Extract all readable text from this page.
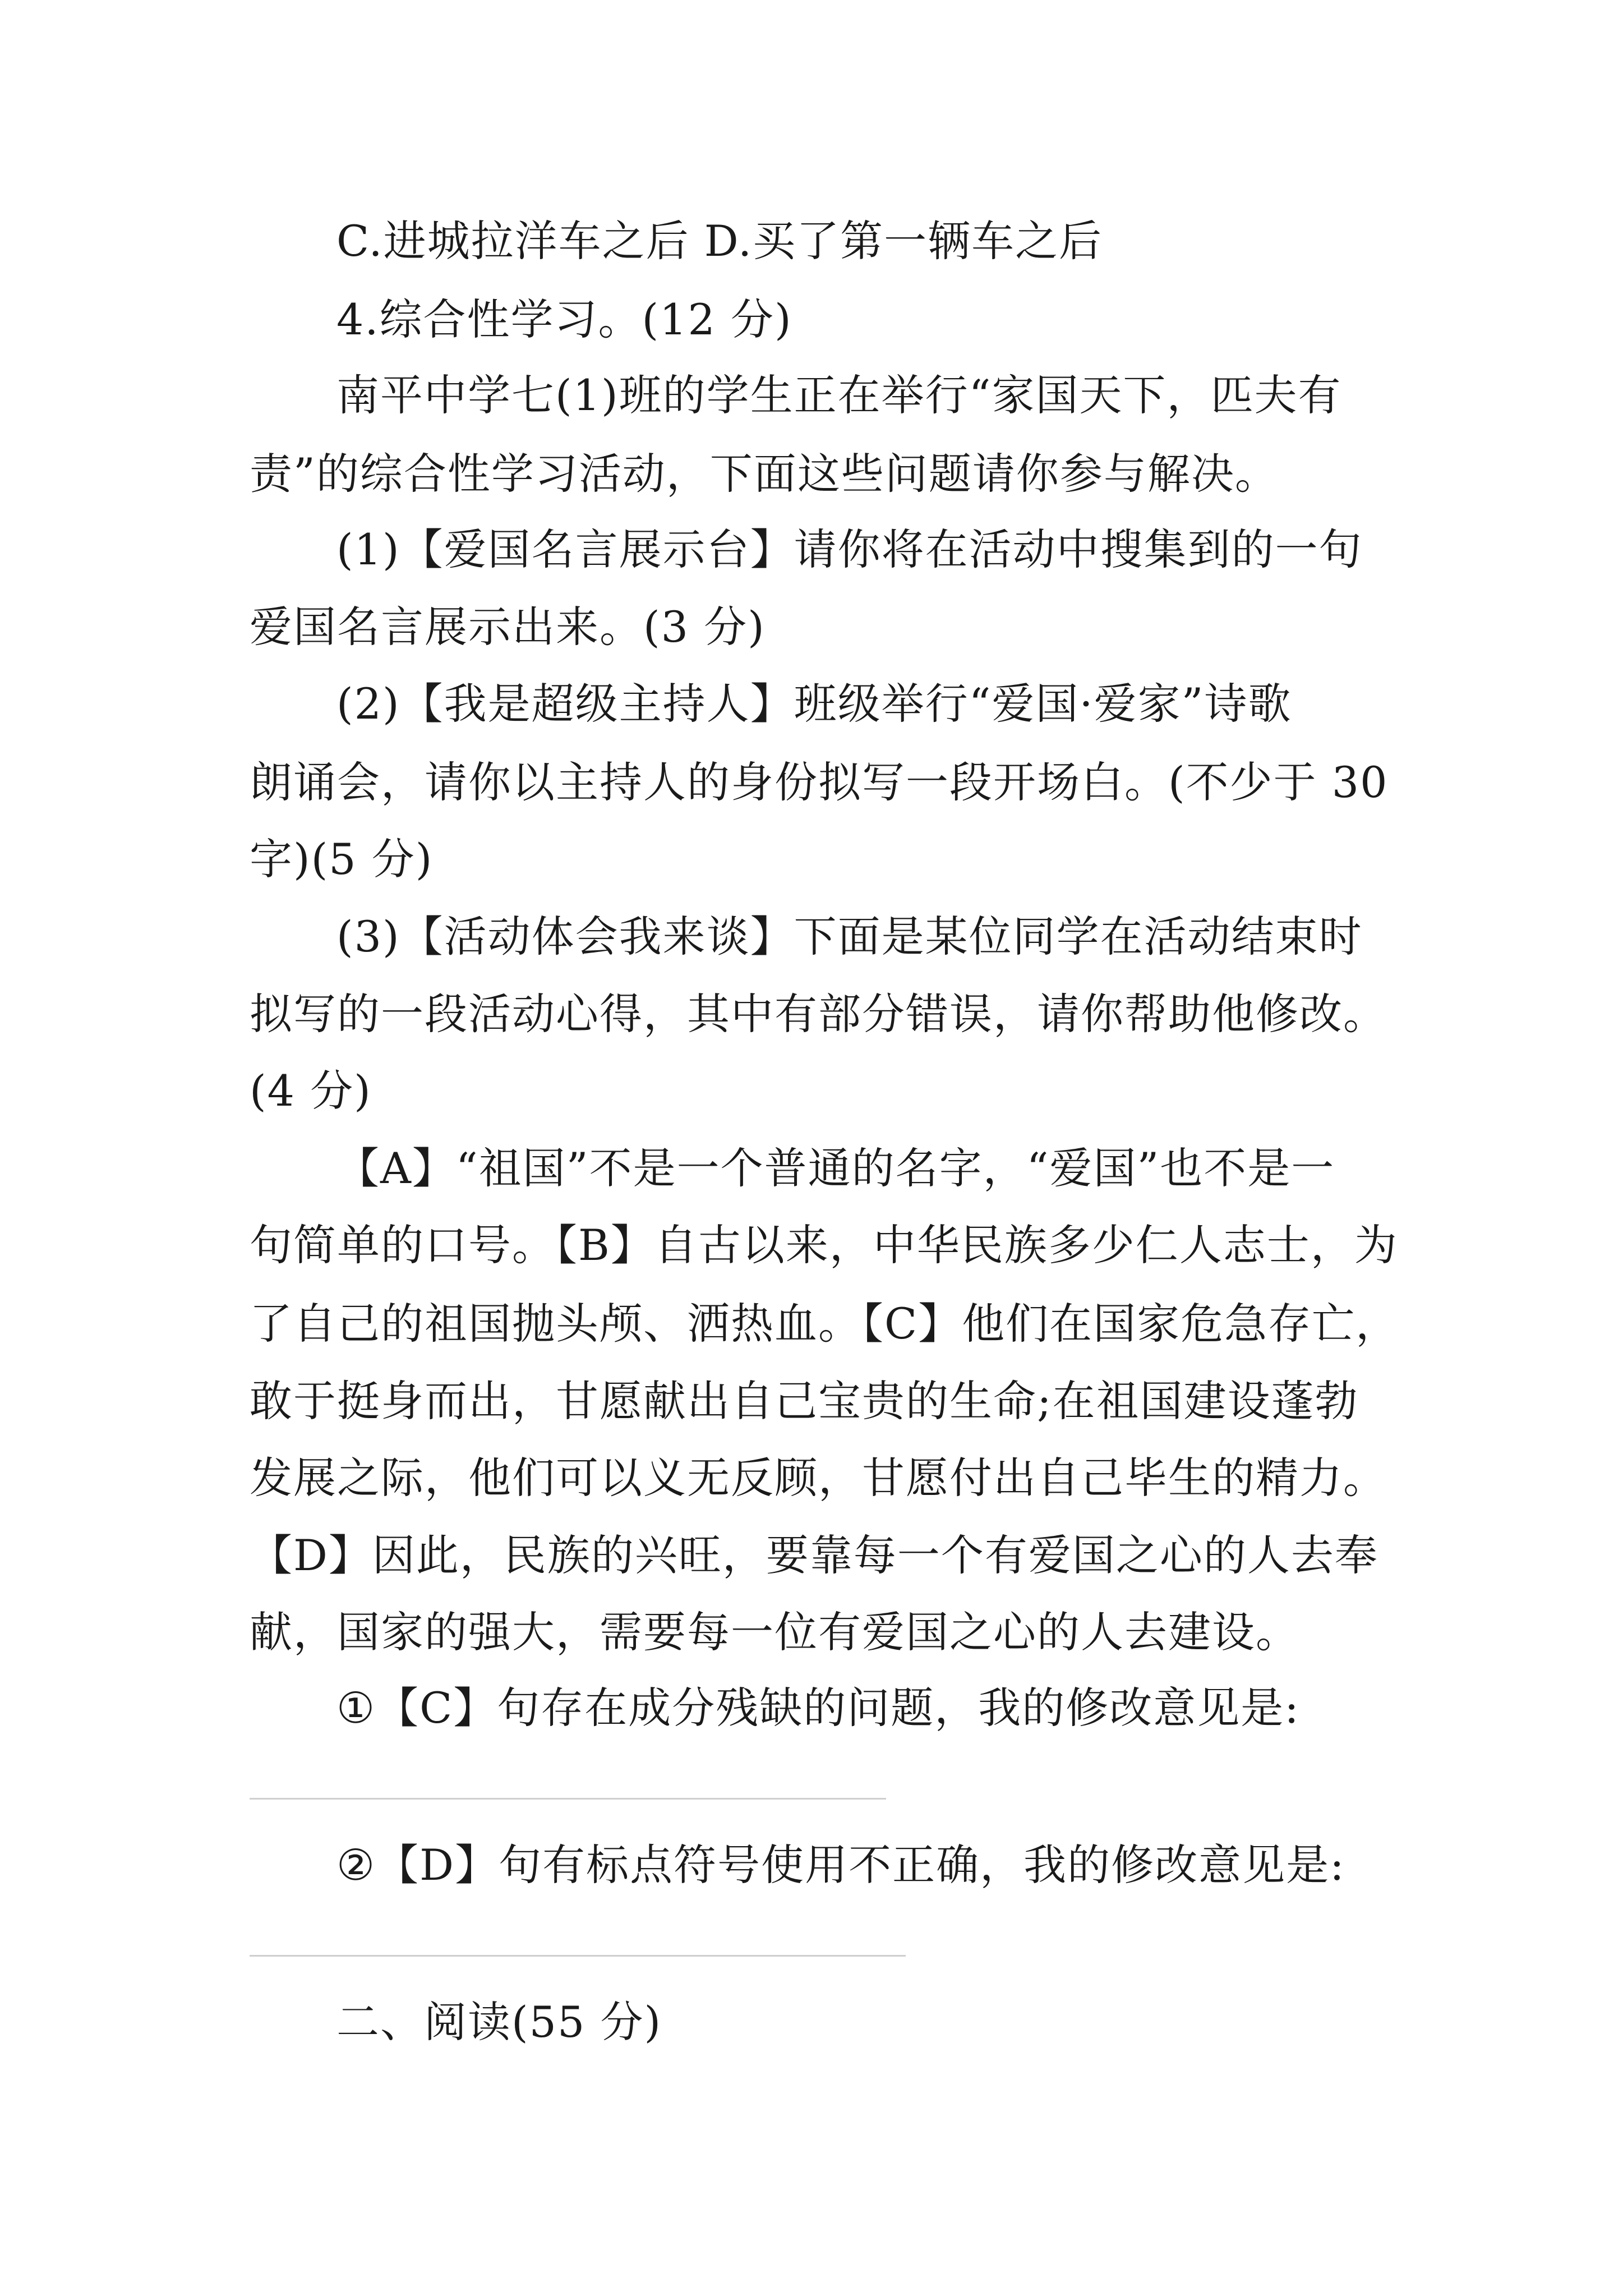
C.进城拉洋车之后 D.买了第一辆车之后
4.综合性学习。(12 分)
南平中学七(1)班的学生正在举行“家国天下，匹夫有
责”的综合性学习活动，下面这些问题请你参与解决。
(1)【爱国名言展示台】请你将在活动中搜集到的一句
爱国名言展示出来。(3 分)
(2)【我是超级主持人】班级举行“爱国·爱家”诗歌
朗诵会，请你以主持人的身份拟写一段开场白。(不少于 30
字)(5 分)
(3)【活动体会我来谈】下面是某位同学在活动结束时
拟写的一段活动心得，其中有部分错误，请你帮助他修改。
(4 分)
【A】“祖国”不是一个普通的名字，“爱国”也不是一
句简单的口号。【B】自古以来，中华民族多少仁人志士，为
了自己的祖国抛头颅、洒热血。【C】他们在国家危急存亡，
敢于挺身而出，甘愿献出自己宝贵的生命;在祖国建设蓬勃
发展之际，他们可以义无反顾，甘愿付出自己毕生的精力。
【D】因此，民族的兴旺，要靠每一个有爱国之心的人去奉
献，国家的强大，需要每一位有爱国之心的人去建设。
①【C】句存在成分残缺的问题，我的修改意见是:
②【D】句有标点符号使用不正确，我的修改意见是:
二、阅读(55 分)
